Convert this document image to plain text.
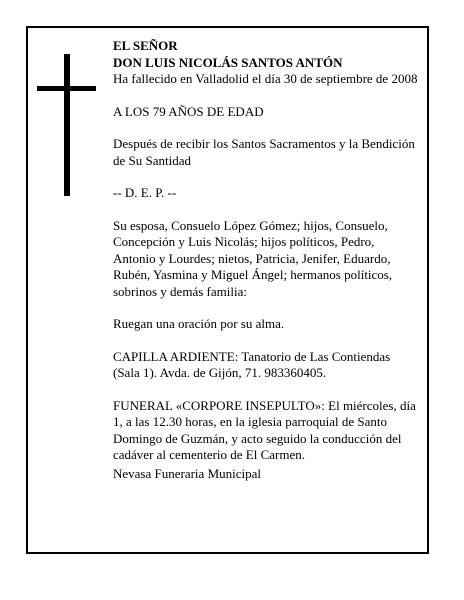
EL SEÑOR
DON LUIS NICOLÁS SANTOS ANTÓN

Ha fallecido en Valladolid el día 30 de septiembre de 2008

A LOS 79 AÑOS DE EDAD

Después de recibir los Santos Sacramentos y la Bendición de Su Santidad

-- D. E. P. --

Su esposa, Consuelo López Gómez; hijos, Consuelo, Concepción y Luis Nicolás; hijos políticos, Pedro, Antonio y Lourdes; nietos, Patricia, Jenifer, Eduardo, Rubén, Yasmina y Miguel Ángel; hermanos políticos, sobrinos y demás familia:

Ruegan una oración por su alma.

CAPILLA ARDIENTE: Tanatorio de Las Contiendas (Sala 1). Avda. de Gijón, 71. 983360405.

FUNERAL «CORPORE INSEPULTO»: El miércoles, día 1, a las 12.30 horas, en la iglesia parroquial de Santo Domingo de Guzmán, y acto seguido la conducción del cadáver al cementerio de El Carmen.

Nevasa Funeraria Municipal
